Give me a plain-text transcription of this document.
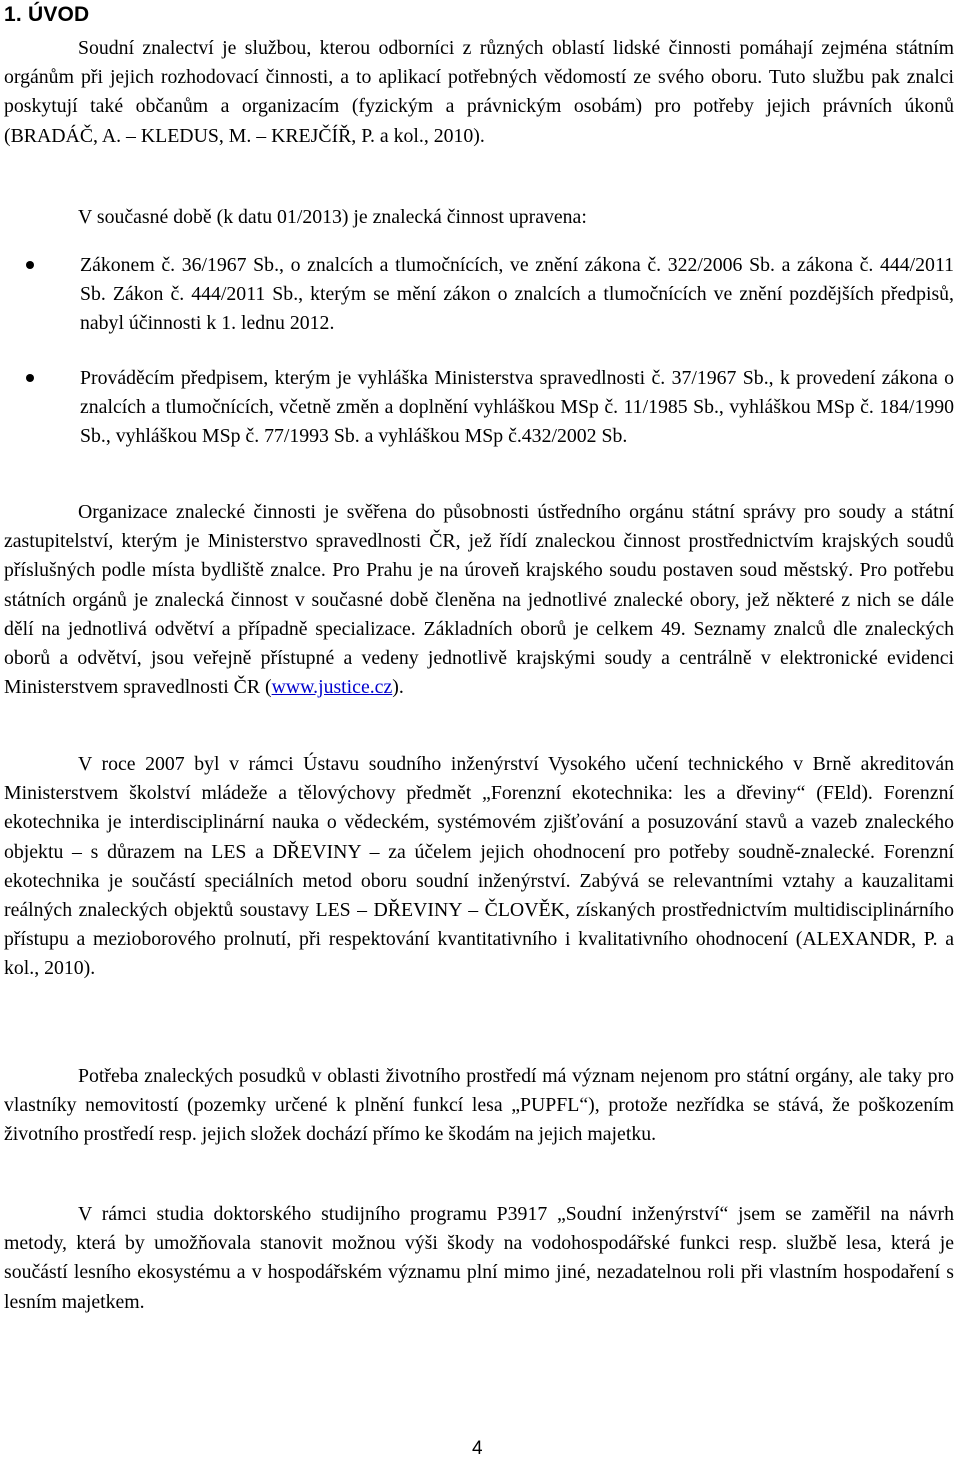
1. ÚVOD

Soudní znalectví je službou, kterou odborníci z různých oblastí lidské činnosti pomáhají zejména státním orgánům při jejich rozhodovací činnosti, a to aplikací potřebných vědomostí ze svého oboru. Tuto službu pak znalci poskytují také občanům a organizacím (fyzickým a právnickým osobám) pro potřeby jejich právních úkonů (BRADÁČ, A. – KLEDUS, M. – KREJČÍŘ, P. a kol., 2010).

V současné době (k datu 01/2013) je znalecká činnost upravena:

Zákonem č. 36/1967 Sb., o znalcích a tlumočnících, ve znění zákona č. 322/2006 Sb. a zákona č. 444/2011 Sb. Zákon č. 444/2011 Sb., kterým se mění zákon o znalcích a tlumočnících ve znění pozdějších předpisů, nabyl účinnosti k 1. lednu 2012.

Prováděcím předpisem, kterým je vyhláška Ministerstva spravedlnosti č. 37/1967 Sb., k provedení zákona o znalcích a tlumočnících, včetně změn a doplnění vyhláškou MSp č. 11/1985 Sb., vyhláškou MSp č. 184/1990 Sb., vyhláškou MSp č. 77/1993 Sb. a vyhláškou MSp č.432/2002 Sb.

Organizace znalecké činnosti je svěřena do působnosti ústředního orgánu státní správy pro soudy a státní zastupitelství, kterým je Ministerstvo spravedlnosti ČR, jež řídí znaleckou činnost prostřednictvím krajských soudů příslušných podle místa bydliště znalce. Pro Prahu je na úroveň krajského soudu postaven soud městský. Pro potřebu státních orgánů je znalecká činnost v současné době členěna na jednotlivé znalecké obory, jež některé z nich se dále dělí na jednotlivá odvětví a případně specializace. Základních oborů je celkem 49. Seznamy znalců dle znaleckých oborů a odvětví, jsou veřejně přístupné a vedeny jednotlivě krajskými soudy a centrálně v elektronické evidenci Ministerstvem spravedlnosti ČR (www.justice.cz).

V roce 2007 byl v rámci Ústavu soudního inženýrství Vysokého učení technického v Brně akreditován Ministerstvem školství mládeže a tělovýchovy předmět „Forenzní ekotechnika: les a dřeviny“ (FEld). Forenzní ekotechnika je interdisciplinární nauka o vědeckém, systémovém zjišťování a posuzování stavů a vazeb znaleckého objektu – s důrazem na LES a DŘEVINY – za účelem jejich ohodnocení pro potřeby soudně-znalecké. Forenzní ekotechnika je součástí speciálních metod oboru soudní inženýrství. Zabývá se relevantními vztahy a kauzalitami reálných znaleckých objektů soustavy LES – DŘEVINY – ČLOVĚK, získaných prostřednictvím multidisciplinárního přístupu a mezioborového prolnutí, při respektování kvantitativního i kvalitativního ohodnocení (ALEXANDR, P. a kol., 2010).

Potřeba znaleckých posudků v oblasti životního prostředí má význam nejenom pro státní orgány, ale taky pro vlastníky nemovitostí (pozemky určené k plnění funkcí lesa „PUPFL“), protože nezřídka se stává, že poškozením životního prostředí resp. jejich složek dochází přímo ke škodám na jejich majetku.

V rámci studia doktorského studijního programu P3917 „Soudní inženýrství“ jsem se zaměřil na návrh metody, která by umožňovala stanovit možnou výši škody na vodohospodářské funkci resp. službě lesa, která je součástí lesního ekosystému a v hospodářském významu plní mimo jiné, nezadatelnou roli při vlastním hospodaření s lesním majetkem.

4
